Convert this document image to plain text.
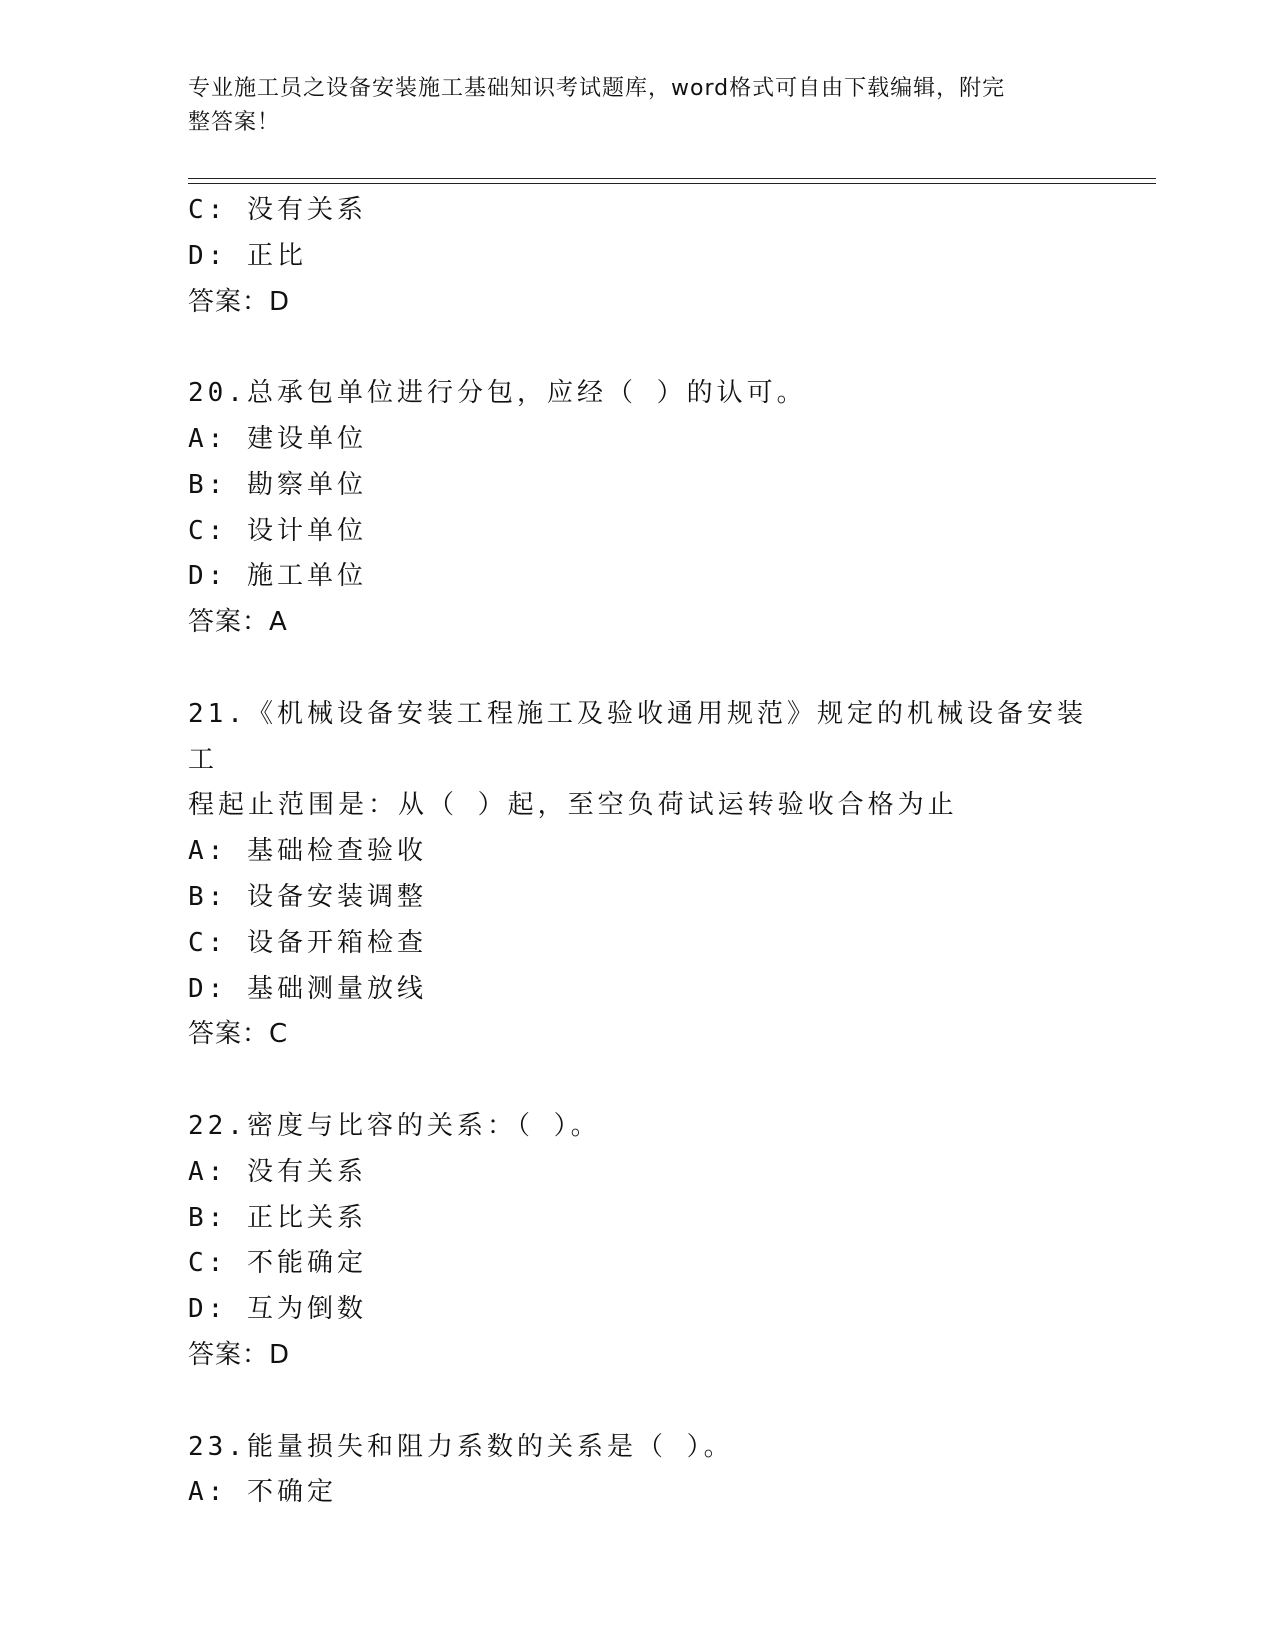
专业施工员之设备安装施工基础知识考试题库，word格式可自由下载编辑，附完
整答案！
C: 没有关系
D: 正比
答案：D
20.总承包单位进行分包，应经（ ）的认可。
A: 建设单位
B: 勘察单位
C: 设计单位
D: 施工单位
答案：A
21.《机械设备安装工程施工及验收通用规范》规定的机械设备安装工
程起止范围是：从（ ）起，至空负荷试运转验收合格为止
A: 基础检查验收
B: 设备安装调整
C: 设备开箱检查
D: 基础测量放线
答案：C
22.密度与比容的关系：（ ）。
A: 没有关系
B: 正比关系
C: 不能确定
D: 互为倒数
答案：D
23.能量损失和阻力系数的关系是（ ）。
A: 不确定
